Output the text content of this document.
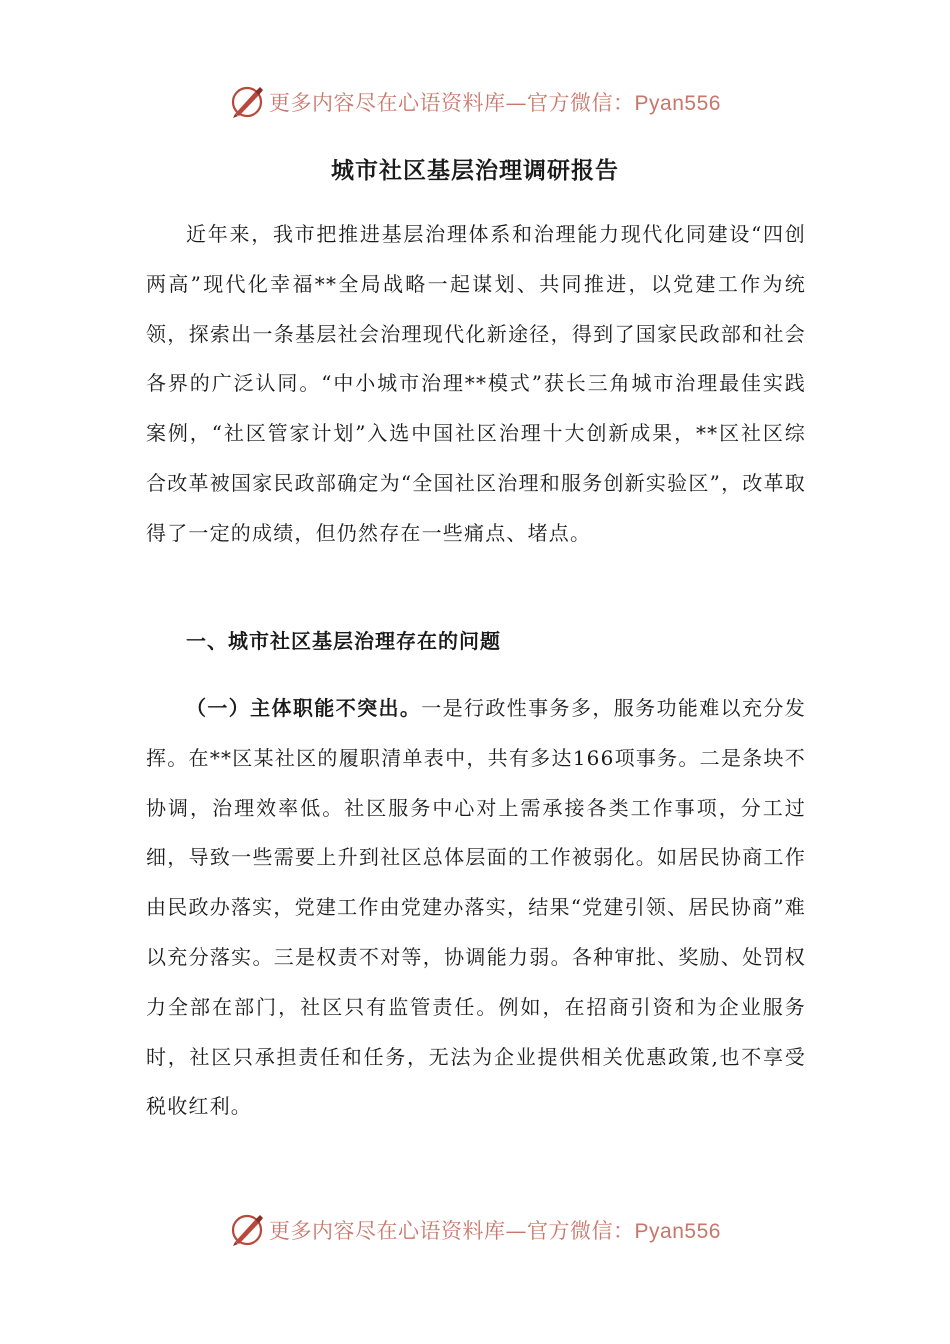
更多内容尽在心语资料库—官方微信：Pyan556
城市社区基层治理调研报告

近年来，我市把推进基层治理体系和治理能力现代化同建设“四创两高”现代化幸福**全局战略一起谋划、共同推进，以党建工作为统领，探索出一条基层社会治理现代化新途径，得到了国家民政部和社会各界的广泛认同。“中小城市治理**模式”获长三角城市治理最佳实践案例，“社区管家计划”入选中国社区治理十大创新成果，**区社区综合改革被国家民政部确定为“全国社区治理和服务创新实验区”，改革取得了一定的成绩，但仍然存在一些痛点、堵点。

一、城市社区基层治理存在的问题

（一）主体职能不突出。一是行政性事务多，服务功能难以充分发挥。在**区某社区的履职清单表中，共有多达166项事务。二是条块不协调，治理效率低。社区服务中心对上需承接各类工作事项，分工过细，导致一些需要上升到社区总体层面的工作被弱化。如居民协商工作由民政办落实，党建工作由党建办落实，结果“党建引领、居民协商”难以充分落实。三是权责不对等，协调能力弱。各种审批、奖励、处罚权力全部在部门，社区只有监管责任。例如，在招商引资和为企业服务时，社区只承担责任和任务，无法为企业提供相关优惠政策,也不享受税收红利。

更多内容尽在心语资料库—官方微信：Pyan556
